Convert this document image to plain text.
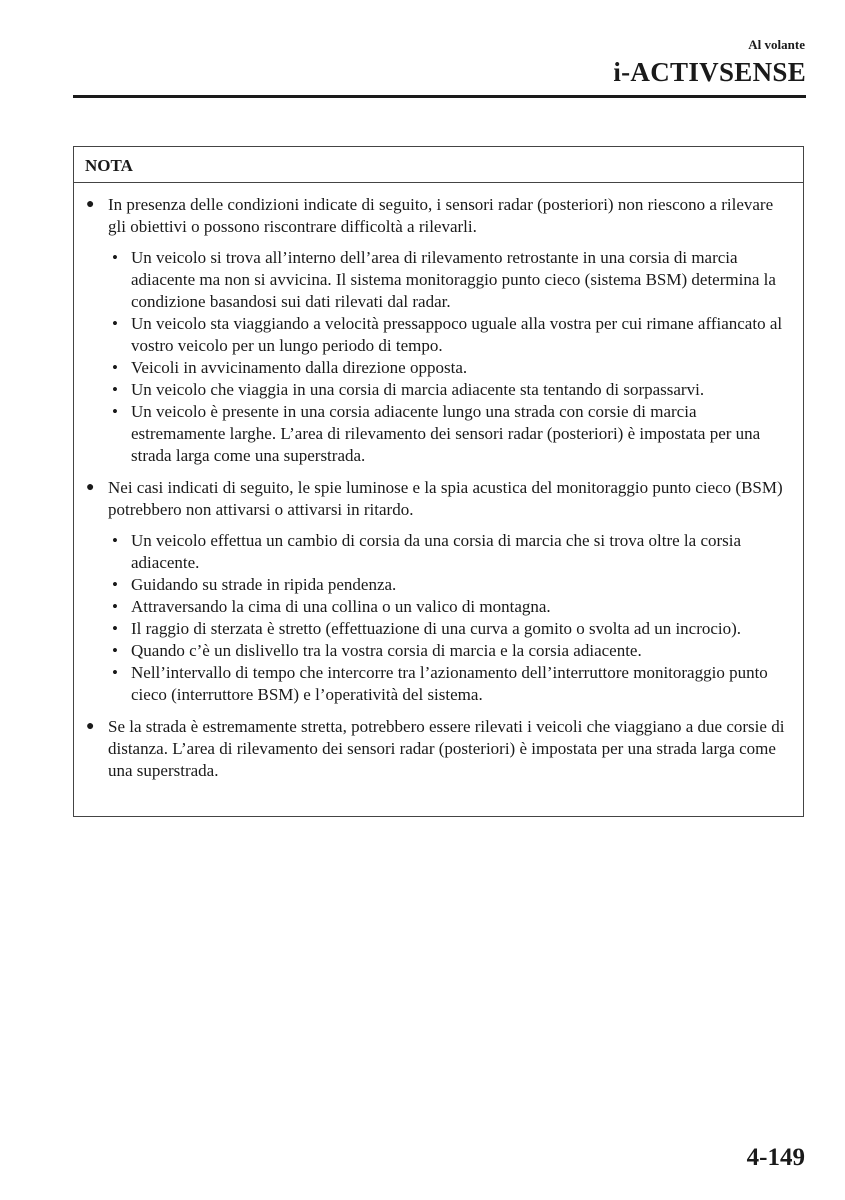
Al volante
i-ACTIVSENSE
NOTA
● In presenza delle condizioni indicate di seguito, i sensori radar (posteriori) non riescono a rilevare gli obiettivi o possono riscontrare difficoltà a rilevarli.
• Un veicolo si trova all’interno dell’area di rilevamento retrostante in una corsia di marcia adiacente ma non si avvicina. Il sistema monitoraggio punto cieco (sistema BSM) determina la condizione basandosi sui dati rilevati dal radar.
• Un veicolo sta viaggiando a velocità pressappoco uguale alla vostra per cui rimane affiancato al vostro veicolo per un lungo periodo di tempo.
• Veicoli in avvicinamento dalla direzione opposta.
• Un veicolo che viaggia in una corsia di marcia adiacente sta tentando di sorpassarvi.
• Un veicolo è presente in una corsia adiacente lungo una strada con corsie di marcia estremamente larghe. L’area di rilevamento dei sensori radar (posteriori) è impostata per una strada larga come una superstrada.
● Nei casi indicati di seguito, le spie luminose e la spia acustica del monitoraggio punto cieco (BSM) potrebbero non attivarsi o attivarsi in ritardo.
• Un veicolo effettua un cambio di corsia da una corsia di marcia che si trova oltre la corsia adiacente.
• Guidando su strade in ripida pendenza.
• Attraversando la cima di una collina o un valico di montagna.
• Il raggio di sterzata è stretto (effettuazione di una curva a gomito o svolta ad un incrocio).
• Quando c’è un dislivello tra la vostra corsia di marcia e la corsia adiacente.
• Nell’intervallo di tempo che intercorre tra l’azionamento dell’interruttore monitoraggio punto cieco (interruttore BSM) e l’operatività del sistema.
● Se la strada è estremamente stretta, potrebbero essere rilevati i veicoli che viaggiano a due corsie di distanza. L’area di rilevamento dei sensori radar (posteriori) è impostata per una strada larga come una superstrada.
4-149
